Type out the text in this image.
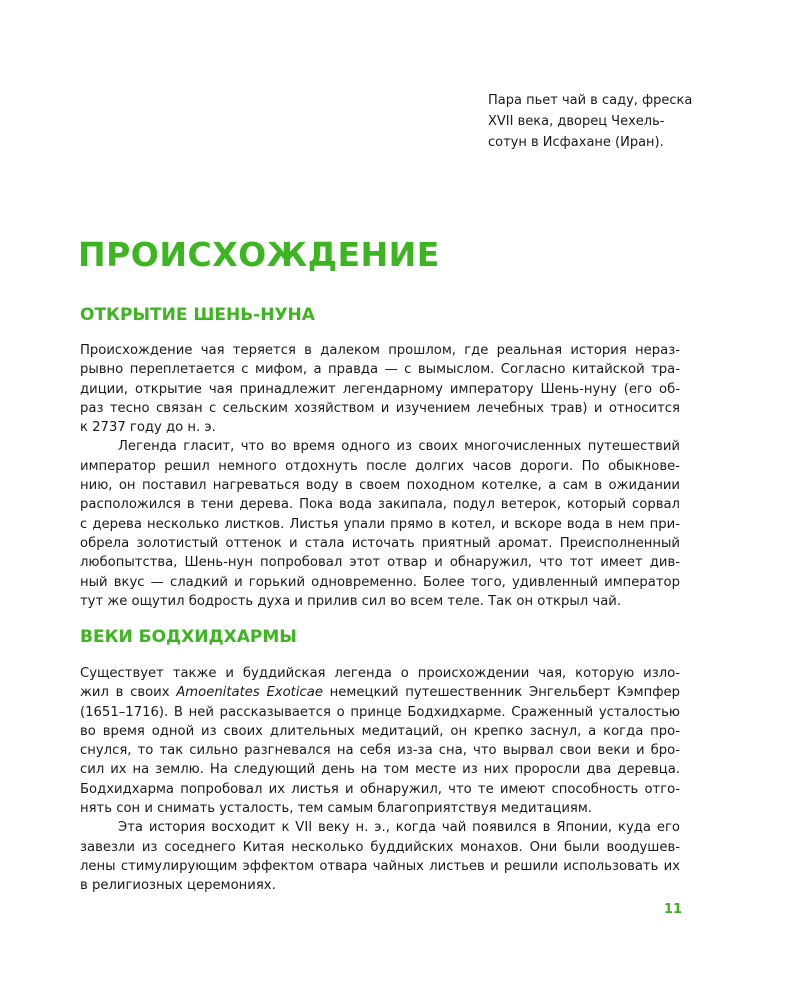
Пара пьет чай в саду, фреска
XVII века, дворец Чехель-
сотун в Исфахане (Иран).
ПРОИСХОЖДЕНИЕ
ОТКРЫТИЕ ШЕНЬ-НУНА
Происхождение чая теряется в далеком прошлом, где реальная история нераз-
рывно переплетается с мифом, а правда — с вымыслом. Согласно китайской тра-
диции, открытие чая принадлежит легендарному императору Шень-нуну (его об-
раз тесно связан с сельским хозяйством и изучением лечебных трав) и относится
к 2737 году до н. э.
Легенда гласит, что во время одного из своих многочисленных путешествий
император решил немного отдохнуть после долгих часов дороги. По обыкнове-
нию, он поставил нагреваться воду в своем походном котелке, а сам в ожидании
расположился в тени дерева. Пока вода закипала, подул ветерок, который сорвал
с дерева несколько листков. Листья упали прямо в котел, и вскоре вода в нем при-
обрела золотистый оттенок и стала источать приятный аромат. Преисполненный
любопытства, Шень-нун попробовал этот отвар и обнаружил, что тот имеет див-
ный вкус — сладкий и горький одновременно. Более того, удивленный император
тут же ощутил бодрость духа и прилив сил во всем теле. Так он открыл чай.
ВЕКИ БОДХИДХАРМЫ
Существует также и буддийская легенда о происхождении чая, которую изло-
жил в своих Amoenitates Exoticae немецкий путешественник Энгельберт Кэмпфер
(1651–1716). В ней рассказывается о принце Бодхидхарме. Сраженный усталостью
во время одной из своих длительных медитаций, он крепко заснул, а когда про-
снулся, то так сильно разгневался на себя из-за сна, что вырвал свои веки и бро-
сил их на землю. На следующий день на том месте из них проросли два деревца.
Бодхидхарма попробовал их листья и обнаружил, что те имеют способность отго-
нять сон и снимать усталость, тем самым благоприятствуя медитациям.
Эта история восходит к VII веку н. э., когда чай появился в Японии, куда его
завезли из соседнего Китая несколько буддийских монахов. Они были воодушев-
лены стимулирующим эффектом отвара чайных листьев и решили использовать их
в религиозных церемониях.
11
